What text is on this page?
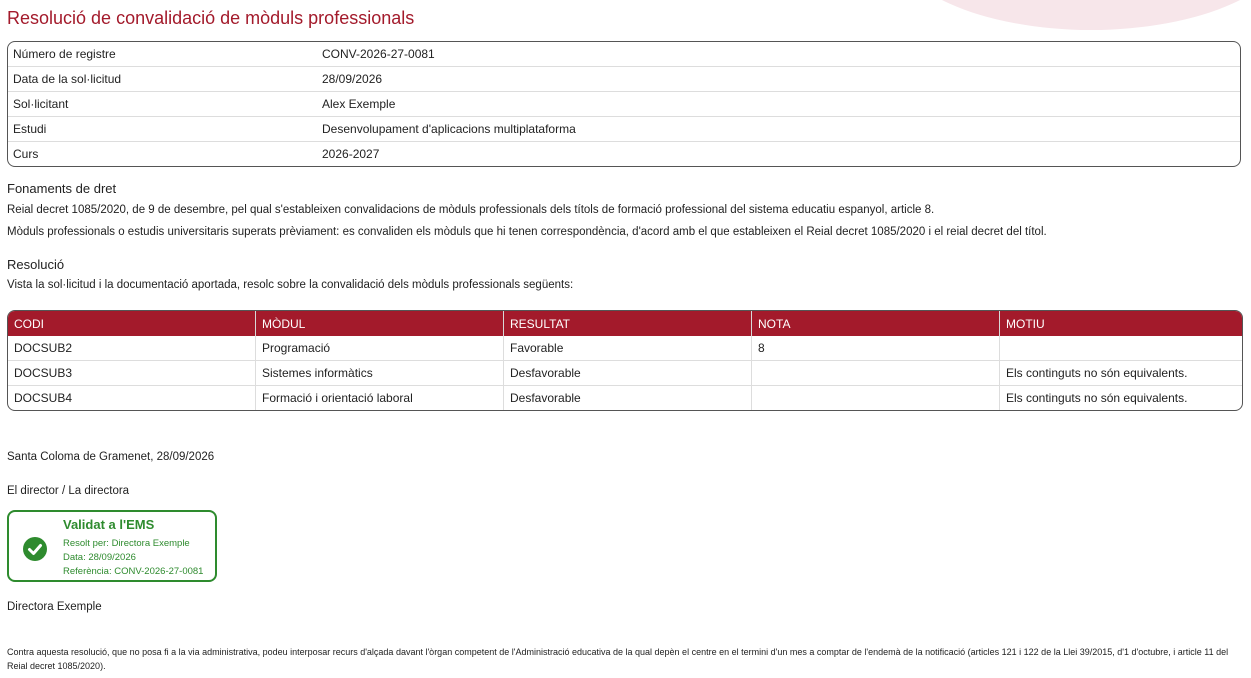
Resolució de convalidació de mòduls professionals
Número de registre	CONV-2026-27-0081
Data de la sol·licitud	28/09/2026
Sol·licitant	Alex Exemple
Estudi	Desenvolupament d'aplicacions multiplataforma
Curs	2026-2027
Fonaments de dret

Reial decret 1085/2020, de 9 de desembre, pel qual s'estableixen convalidacions de mòduls professionals dels títols de formació professional del sistema educatiu espanyol, article 8.

Mòduls professionals o estudis universitaris superats prèviament: es convaliden els mòduls que hi tenen correspondència, d'acord amb el que estableixen el Reial decret 1085/2020 i el reial decret del títol.

Resolució

Vista la sol·licitud i la documentació aportada, resolc sobre la convalidació dels mòduls professionals següents:

CODI	MÒDUL	RESULTAT	NOTA	MOTIU
DOCSUB2	Programació	Favorable	8	
DOCSUB3	Sistemes informàtics	Desfavorable		Els continguts no són equivalents.
DOCSUB4	Formació i orientació laboral	Desfavorable		Els continguts no són equivalents.

Santa Coloma de Gramenet, 28/09/2026

El director / La directora

Validat a l'EMS
Resolt per: Directora Exemple
Data: 28/09/2026
Referència: CONV-2026-27-0081

Directora Exemple

Contra aquesta resolució, que no posa fi a la via administrativa, podeu interposar recurs d'alçada davant l'òrgan competent de l'Administració educativa de la qual depèn el centre en el termini d'un mes a comptar de l'endemà de la notificació (articles 121 i 122 de la Llei 39/2015, d'1 d'octubre, i article 11 del Reial decret 1085/2020).
